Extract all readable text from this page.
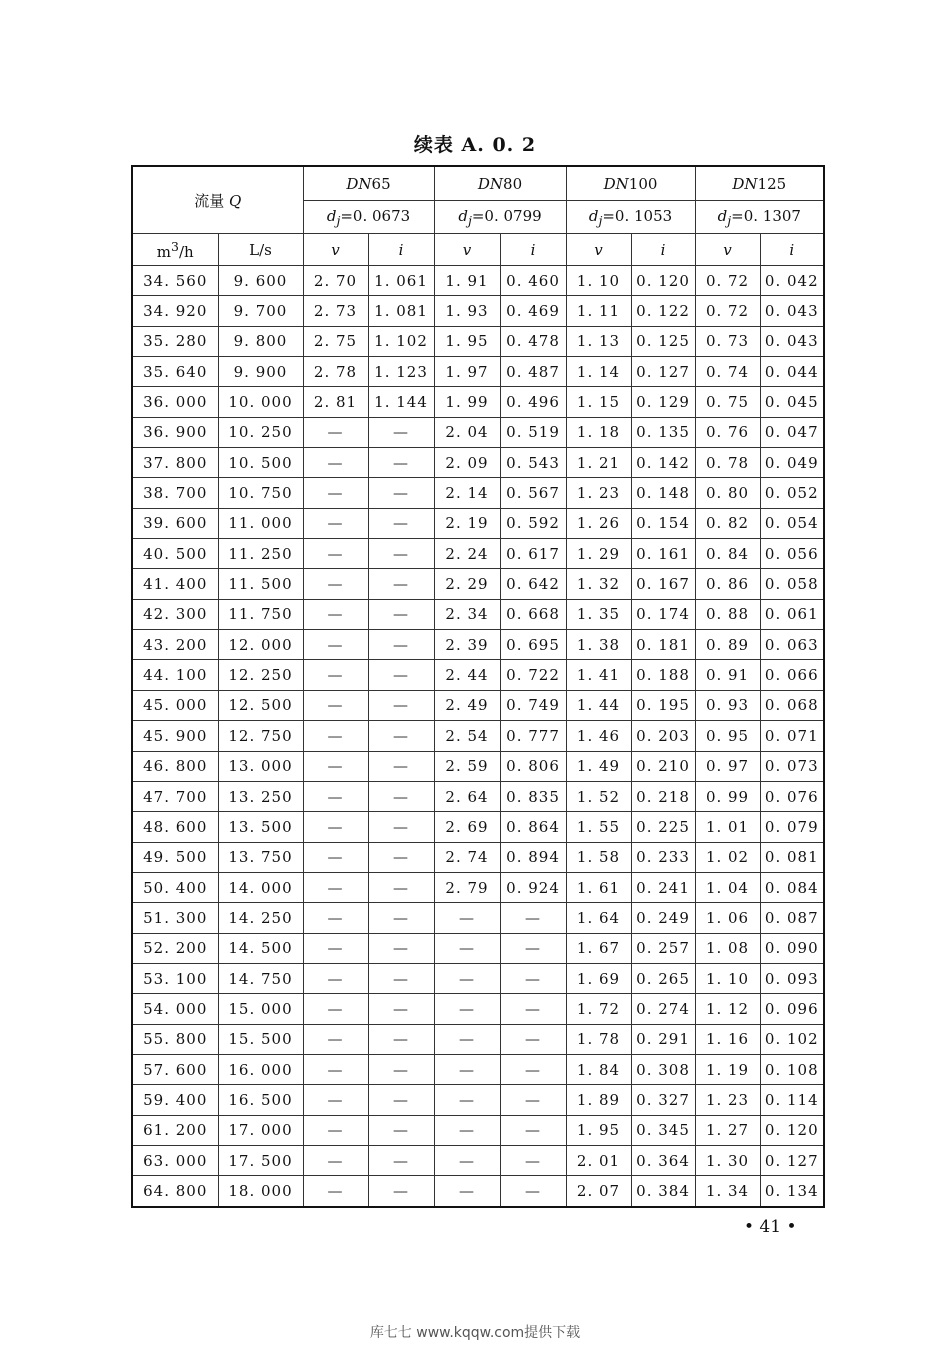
续表 A. 0. 2
流量 Q		DN65		DN80		DN100		DN125	
		$d_j=0$. 0673		$d_j=0$. 0799		$d_j=0$. 1053		$d_j=0$. 1307	
$m^3/h$	L/s	v	i	v	i	v	i	v	i
34. 560	9. 600	2. 70	1. 061	1. 91	0. 460	1. 10	0. 120	0. 72	0. 042
34. 920	9. 700	2. 73	1. 081	1. 93	0. 469	1. 11	0. 122	0. 72	0. 043
35. 280	9. 800	2. 75	1. 102	1. 95	0. 478	1. 13	0. 125	0. 73	0. 043
35. 640	9. 900	2. 78	1. 123	1. 97	0. 487	1. 14	0. 127	0. 74	0. 044
36. 000	10. 000	2. 81	1. 144	1. 99	0. 496	1. 15	0. 129	0. 75	0. 045
36. 900	10. 250	—	—	2. 04	0. 519	1. 18	0. 135	0. 76	0. 047
37. 800	10. 500	—	—	2. 09	0. 543	1. 21	0. 142	0. 78	0. 049
38. 700	10. 750	—	—	2. 14	0. 567	1. 23	0. 148	0. 80	0. 052
39. 600	11. 000	—	—	2. 19	0. 592	1. 26	0. 154	0. 82	0. 054
40. 500	11. 250	—	—	2. 24	0. 617	1. 29	0. 161	0. 84	0. 056
41. 400	11. 500	—	—	2. 29	0. 642	1. 32	0. 167	0. 86	0. 058
42. 300	11. 750	—	—	2. 34	0. 668	1. 35	0. 174	0. 88	0. 061
43. 200	12. 000	—	—	2. 39	0. 695	1. 38	0. 181	0. 89	0. 063
44. 100	12. 250	—	—	2. 44	0. 722	1. 41	0. 188	0. 91	0. 066
45. 000	12. 500	—	—	2. 49	0. 749	1. 44	0. 195	0. 93	0. 068
45. 900	12. 750	—	—	2. 54	0. 777	1. 46	0. 203	0. 95	0. 071
46. 800	13. 000	—	—	2. 59	0. 806	1. 49	0. 210	0. 97	0. 073
47. 700	13. 250	—	—	2. 64	0. 835	1. 52	0. 218	0. 99	0. 076
48. 600	13. 500	—	—	2. 69	0. 864	1. 55	0. 225	1. 01	0. 079
49. 500	13. 750	—	—	2. 74	0. 894	1. 58	0. 233	1. 02	0. 081
50. 400	14. 000	—	—	2. 79	0. 924	1. 61	0. 241	1. 04	0. 084
51. 300	14. 250	—	—	—	—	1. 64	0. 249	1. 06	0. 087
52. 200	14. 500	—	—	—	—	1. 67	0. 257	1. 08	0. 090
53. 100	14. 750	—	—	—	—	1. 69	0. 265	1. 10	0. 093
54. 000	15. 000	—	—	—	—	1. 72	0. 274	1. 12	0. 096
55. 800	15. 500	—	—	—	—	1. 78	0. 291	1. 16	0. 102
57. 600	16. 000	—	—	—	—	1. 84	0. 308	1. 19	0. 108
59. 400	16. 500	—	—	—	—	1. 89	0. 327	1. 23	0. 114
61. 200	17. 000	—	—	—	—	1. 95	0. 345	1. 27	0. 120
63. 000	17. 500	—	—	—	—	2. 01	0. 364	1. 30	0. 127
64. 800	18. 000	—	—	—	—	2. 07	0. 384	1. 34	0. 134
• 41 •
库七七 www.kqqw.com提供下载
